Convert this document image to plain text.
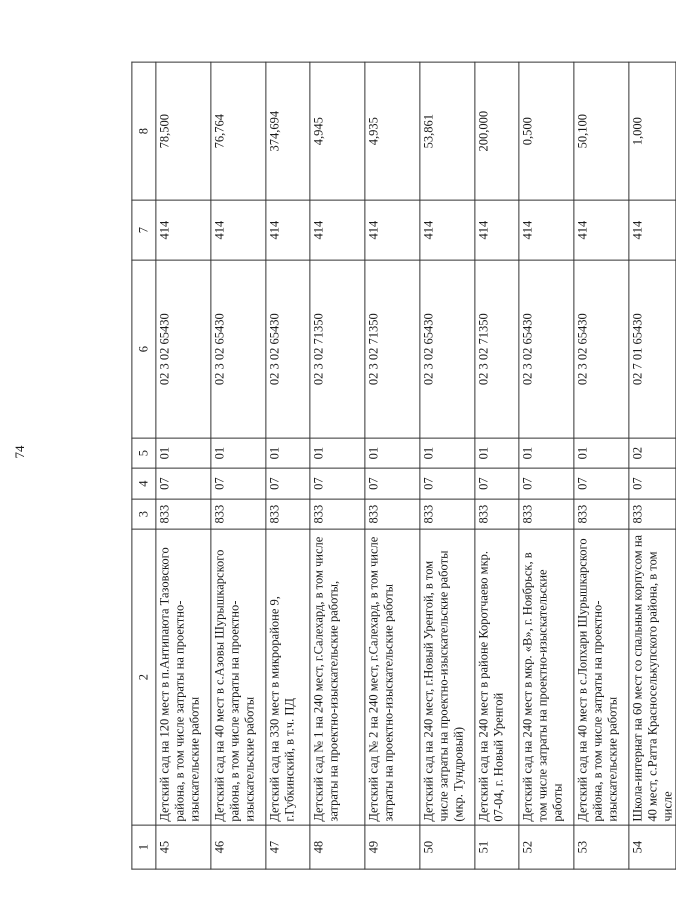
74
1	2	3	4	5	6	7	8
45	Детский сад на 120 мест в п.Антипаюта Тазовского района, в том числе затраты на проектно-изыскательские работы	833	07	01	02 3 02 65430	414	78,500
46	Детский сад на 40 мест в с.Азовы Шурышкарского района, в том числе затраты на проектно-изыскательские работы	833	07	01	02 3 02 65430	414	76,764
47	Детский сад на 330 мест в микрорайоне 9, г.Губкинский, в т.ч. ПД	833	07	01	02 3 02 65430	414	374,694
48	Детский сад № 1 на 240 мест, г.Салехард, в том числе затраты на проектно-изыскательские работы,	833	07	01	02 3 02 71350	414	4,945
49	Детский сад № 2 на 240 мест, г.Салехард, в том числе затраты на проектно-изыскательские работы	833	07	01	02 3 02 71350	414	4,935
50	Детский сад на 240 мест, г.Новый Уренгой, в том числе затраты на проектно-изыскательские работы (мкр. Тундровый)	833	07	01	02 3 02 65430	414	53,861
51	Детский сад на 240 мест в районе Коротчаево мкр. 07-04, г. Новый Уренгой	833	07	01	02 3 02 71350	414	200,000
52	Детский сад на 240 мест в мкр. «В», г. Ноябрьск, в том числе затраты на проектно-изыскательские работы	833	07	01	02 3 02 65430	414	0,500
53	Детский сад на 40 мест в с.Лопхари Шурышкарского района, в том числе затраты на проектно-изыскательские работы	833	07	01	02 3 02 65430	414	50,100
54	Школа-интернат на 60 мест со спальным корпусом на 40 мест, с.Ратта Красноселькупского района, в том числе	833	07	02	02 7 01 65430	414	1,000
